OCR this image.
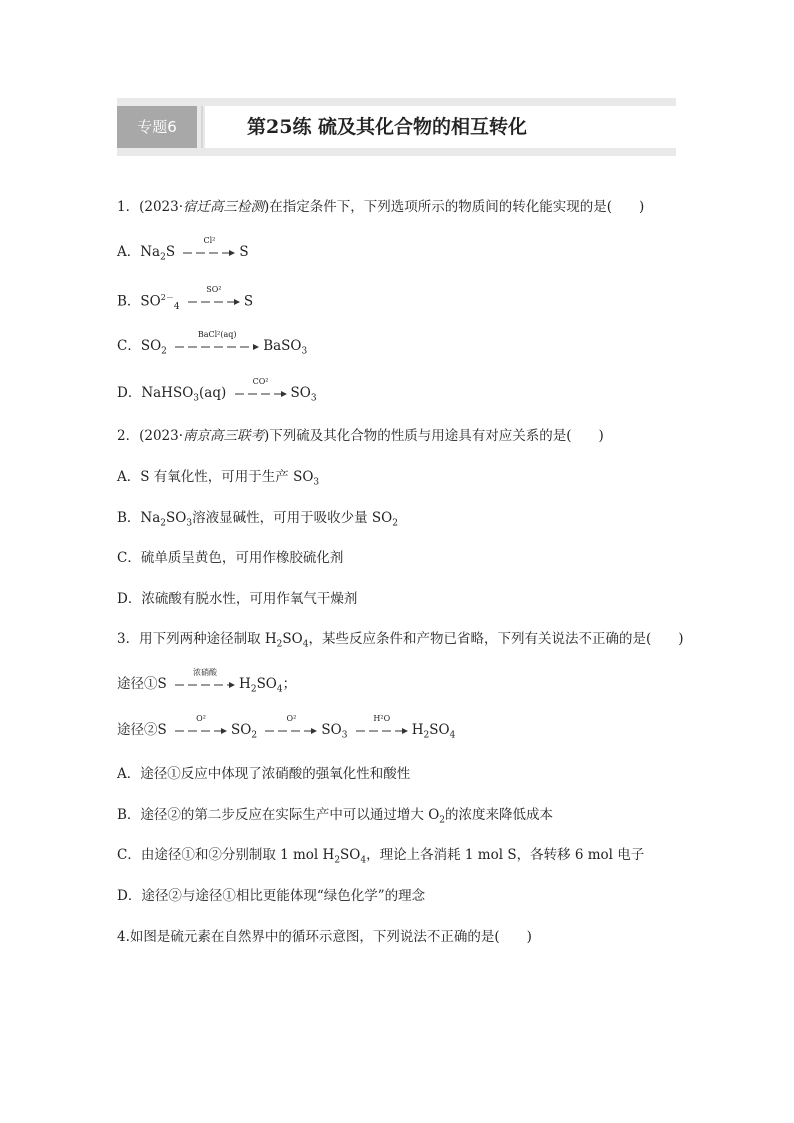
专题6	第25练 硫及其化合物的相互转化
1．(2023·宿迁高三检测)在指定条件下，下列选项所示的物质间的转化能实现的是(　　)
A．$Na_2S$
Cl²
S
B．$SO^{2-}_4$
SO²
S
C．$SO_2$
BaCl²(aq)
BaSO$_3$
D．NaHSO$_3$(aq)
CO²
$SO_3$
2．(2023·南京高三联考)下列硫及其化合物的性质与用途具有对应关系的是(　　)
A．S 有氧化性，可用于生产 $SO_3$
B．$Na_2SO_3$溶液显碱性，可用于吸收少量 $SO_2$
C．硫单质呈黄色，可用作橡胶硫化剂
D．浓硫酸有脱水性，可用作氧气干燥剂
3．用下列两种途径制取 $H_2SO_4$，某些反应条件和产物已省略，下列有关说法不正确的是(　　)
途径①S
浓硝酸
$H_2SO_4$；
途径②S
O²
$SO_2$
O²
$SO_3$
H²O
$H_2SO_4$
A．途径①反应中体现了浓硝酸的强氧化性和酸性
B．途径②的第二步反应在实际生产中可以通过增大 $O_2$的浓度来降低成本
C．由途径①和②分别制取 1 mol $H_2SO_4$，理论上各消耗 1 mol S，各转移 6 mol 电子
D．途径②与途径①相比更能体现“绿色化学”的理念
4.如图是硫元素在自然界中的循环示意图，下列说法不正确的是(　　)
